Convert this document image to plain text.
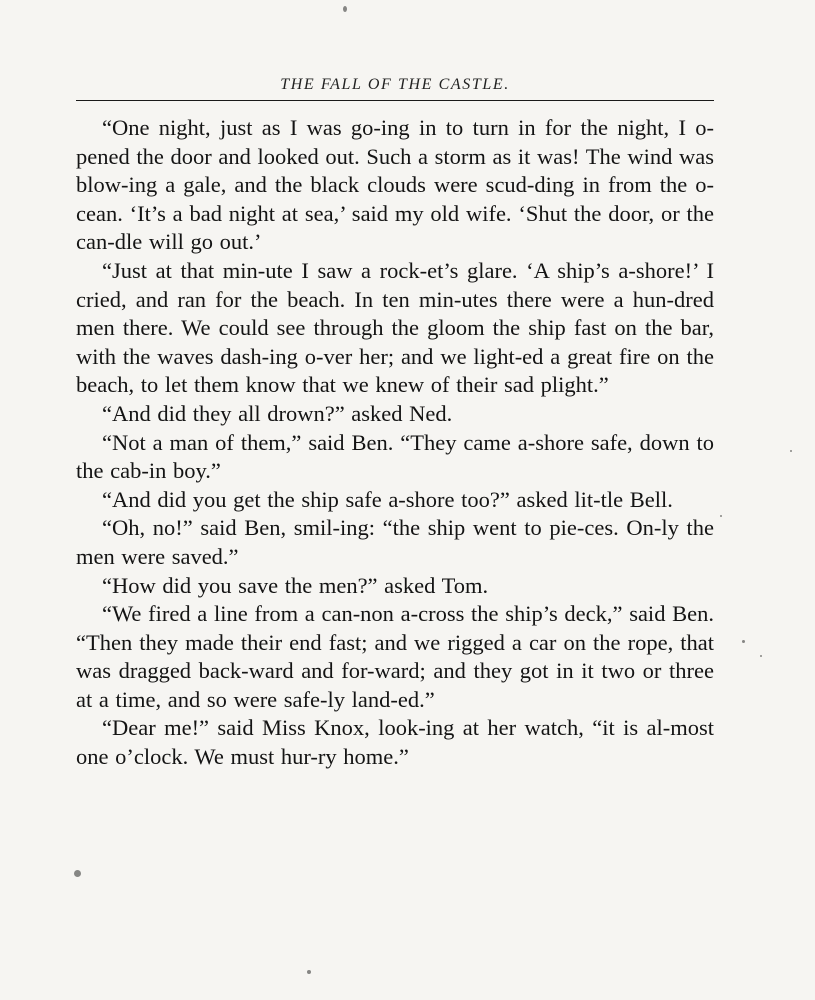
THE FALL OF THE CASTLE.

“One night, just as I was go-ing in to turn in for the night, I o-pened the door and looked out. Such a storm as it was! The wind was blow-ing a gale, and the black clouds were scud-ding in from the o-cean. ‘It’s a bad night at sea,’ said my old wife. ‘Shut the door, or the can-dle will go out.’

“Just at that min-ute I saw a rock-et’s glare. ‘A ship’s a-shore!’ I cried, and ran for the beach. In ten min-utes there were a hun-dred men there. We could see through the gloom the ship fast on the bar, with the waves dash-ing o-ver her; and we light-ed a great fire on the beach, to let them know that we knew of their sad plight.”

“And did they all drown?” asked Ned.

“Not a man of them,” said Ben. “They came a-shore safe, down to the cab-in boy.”

“And did you get the ship safe a-shore too?” asked lit-tle Bell.

“Oh, no!” said Ben, smil-ing: “the ship went to pie-ces. On-ly the men were saved.”

“How did you save the men?” asked Tom.

“We fired a line from a can-non a-cross the ship’s deck,” said Ben. “Then they made their end fast; and we rigged a car on the rope, that was dragged back-ward and for-ward; and they got in it two or three at a time, and so were safe-ly land-ed.”

“Dear me!” said Miss Knox, look-ing at her watch, “it is al-most one o’clock. We must hur-ry home.”
